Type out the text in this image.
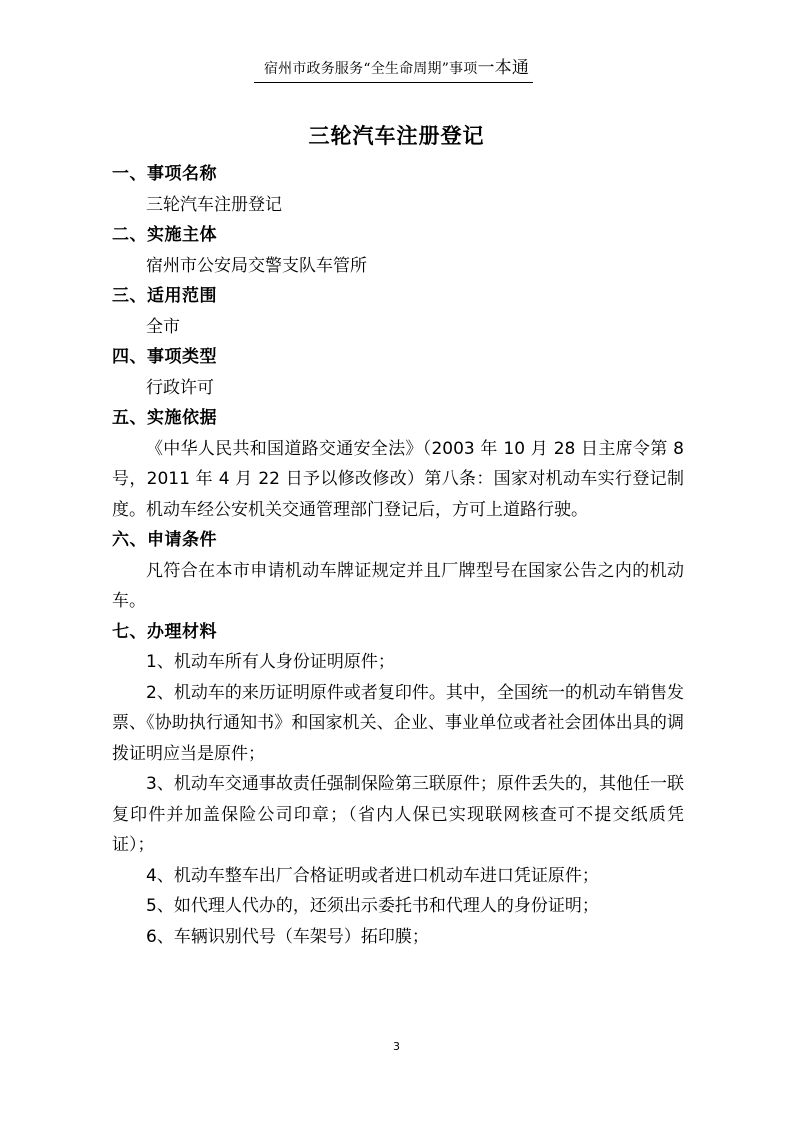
宿州市政务服务“全生命周期”事项一本通
三轮汽车注册登记

一、事项名称

三轮汽车注册登记

二、实施主体

宿州市公安局交警支队车管所

三、适用范围

全市

四、事项类型

行政许可

五、实施依据

《中华人民共和国道路交通安全法》（2003 年 10 月 28 日主席令第 8 号，2011 年 4 月 22 日予以修改修改）第八条：国家对机动车实行登记制度。机动车经公安机关交通管理部门登记后，方可上道路行驶。

六、申请条件

凡符合在本市申请机动车牌证规定并且厂牌型号在国家公告之内的机动车。

七、办理材料

1、机动车所有人身份证明原件；

2、机动车的来历证明原件或者复印件。其中，全国统一的机动车销售发票、《协助执行通知书》和国家机关、企业、事业单位或者社会团体出具的调拨证明应当是原件；

3、机动车交通事故责任强制保险第三联原件；原件丢失的，其他任一联复印件并加盖保险公司印章；（省内人保已实现联网核查可不提交纸质凭证）；

4、机动车整车出厂合格证明或者进口机动车进口凭证原件；

5、如代理人代办的，还须出示委托书和代理人的身份证明；

6、车辆识别代号（车架号）拓印膜；

3
